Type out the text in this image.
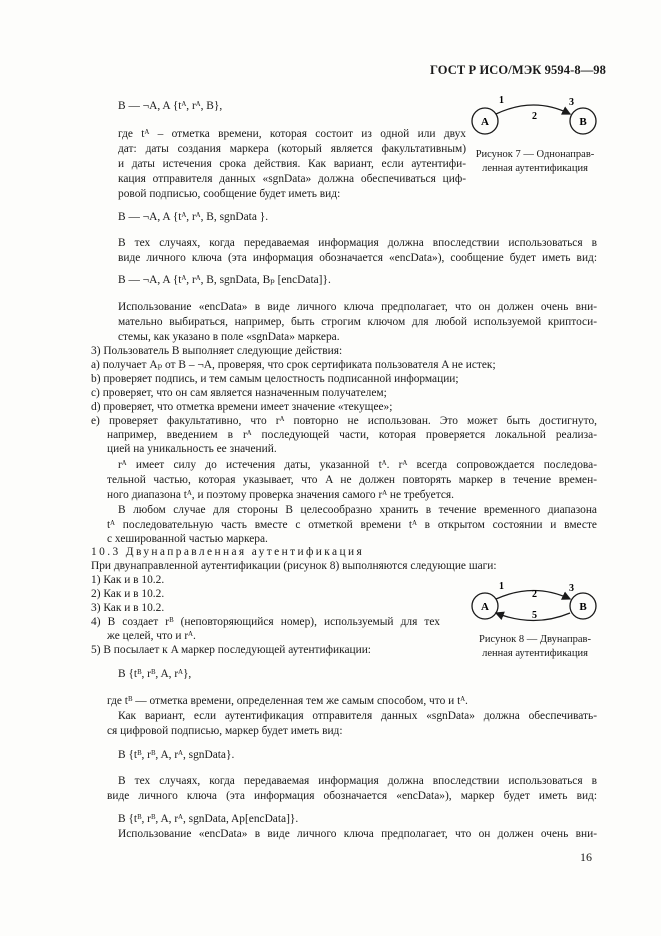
ГОСТ Р ИСО/МЭК 9594-8—98
B — ¬A, A {tᴬ, rᴬ, B},
где tᴬ – отметка времени, которая состоит из одной или двух
дат: даты создания маркера (который является факультативным)
и даты истечения срока действия. Как вариант, если аутентифи-
кация отправителя данных «sgnData» должна обеспечиваться циф-
ровой подписью, сообщение будет иметь вид:
B — ¬A, A {tᴬ, rᴬ, B, sgnData }.
В тех случаях, когда передаваемая информация должна впоследствии использоваться в
виде личного ключа (эта информация обозначается «encData»), сообщение будет иметь вид:
B — ¬A, A {tᴬ, rᴬ, B, sgnData, Bₚ [encData]}.
Использование «encData» в виде личного ключа предполагает, что он должен очень вни-
мательно выбираться, например, быть строгим ключом для любой используемой криптоси-
стемы, как указано в поле «sgnData» маркера.
3) Пользователь B выполняет следующие действия:
a) получает Aₚ от B – ¬A, проверяя, что срок сертификата пользователя A не истек;
b) проверяет подпись, и тем самым целостность подписанной информации;
c) проверяет, что он сам является назначенным получателем;
d) проверяет, что отметка времени имеет значение «текущее»;
e) проверяет факультативно, что rᴬ повторно не использован. Это может быть достигнуто,
например, введением в rᴬ последующей части, которая проверяется локальной реализа-
цией на уникальность ее значений.
rᴬ имеет силу до истечения даты, указанной tᴬ. rᴬ всегда сопровождается последова-
тельной частью, которая указывает, что A не должен повторять маркер в течение времен-
ного диапазона tᴬ, и поэтому проверка значения самого rᴬ не требуется.
В любом случае для стороны B целесообразно хранить в течение временного диапазона
tᴬ последовательную часть вместе с отметкой времени tᴬ в открытом состоянии и вместе
с хешированной частью маркера.
10.3 Двунаправленная аутентификация
При двунаправленной аутентификации (рисунок 8) выполняются следующие шаги:
1) Как и в 10.2.
2) Как и в 10.2.
3) Как и в 10.2.
4) B создает rᴮ (неповторяющийся номер), используемый для тех
же целей, что и rᴬ.
5) B посылает к A маркер последующей аутентификации:
B {tᴮ, rᴮ, A, rᴬ},
где tᴮ — отметка времени, определенная тем же самым способом, что и tᴬ.
Как вариант, если аутентификация отправителя данных «sgnData» должна обеспечивать-
ся цифровой подписью, маркер будет иметь вид:
B {tᴮ, rᴮ, A, rᴬ, sgnData}.
В тех случаях, когда передаваемая информация должна впоследствии использоваться в
виде личного ключа (эта информация обозначается «encData»), маркер будет иметь вид:
B {tᴮ, rᴮ, A, rᴬ, sgnData, Ap[encData]}.
Использование «encData» в виде личного ключа предполагает, что он должен очень вни-
16
A	B
1
2
3
Рисунок 7 — Однонаправ-
ленная аутентификация
A	B
1
2
3
5
Рисунок 8 — Двунаправ-
ленная аутентификация
